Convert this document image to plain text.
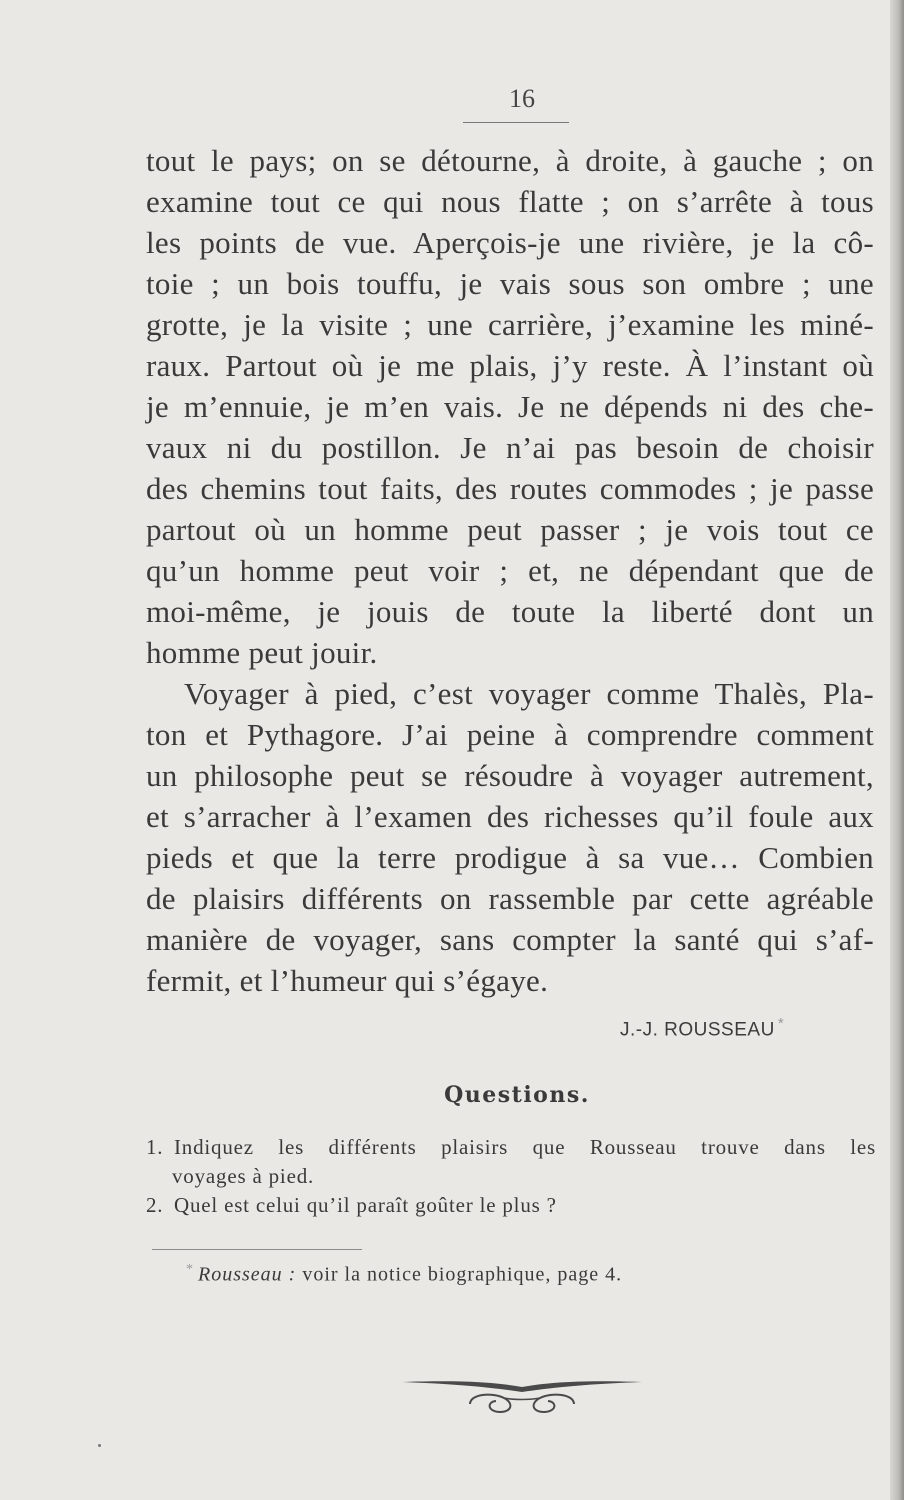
16
tout le pays; on se détourne, à droite, à gauche ; on
examine tout ce qui nous flatte ; on s’arrête à tous
les points de vue. Aperçois-je une rivière, je la cô-
toie ; un bois touffu, je vais sous son ombre ; une
grotte, je la visite ; une carrière, j’examine les miné-
raux. Partout où je me plais, j’y reste. À l’instant où
je m’ennuie, je m’en vais. Je ne dépends ni des che-
vaux ni du postillon. Je n’ai pas besoin de choisir
des chemins tout faits, des routes commodes ; je passe
partout où un homme peut passer ; je vois tout ce
qu’un homme peut voir ; et, ne dépendant que de
moi-même, je jouis de toute la liberté dont un
homme peut jouir.
Voyager à pied, c’est voyager comme Thalès, Pla-
ton et Pythagore. J’ai peine à comprendre comment
un philosophe peut se résoudre à voyager autrement,
et s’arracher à l’examen des richesses qu’il foule aux
pieds et que la terre prodigue à sa vue… Combien
de plaisirs différents on rassemble par cette agréable
manière de voyager, sans compter la santé qui s’af-
fermit, et l’humeur qui s’égaye.
J.-J. ROUSSEAU *
Questions.
1. Indiquez les différents plaisirs que Rousseau trouve dans les
voyages à pied.
2. Quel est celui qu’il paraît goûter le plus ?
* Rousseau : voir la notice biographique, page 4.
